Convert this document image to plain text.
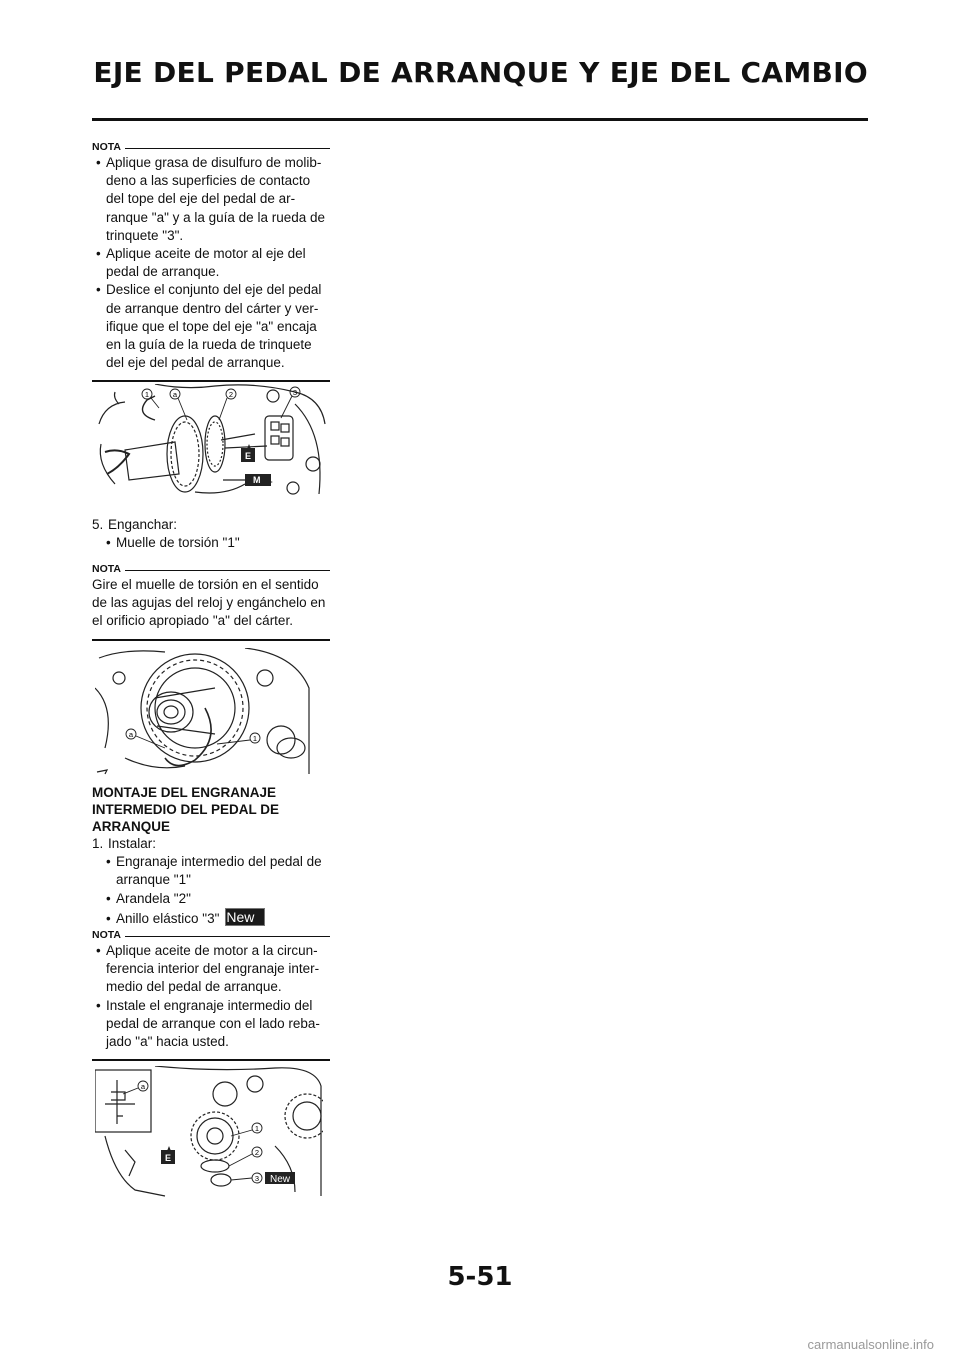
EJE DEL PEDAL DE ARRANQUE Y EJE DEL CAMBIO
NOTA
• Aplique grasa de disulfuro de molib-deno a las superficies de contacto del tope del eje del pedal de ar-ranque "a" y a la guía de la rueda de trinquete "3".
• Aplique aceite de motor al eje del pedal de arranque.
• Deslice el conjunto del eje del pedal de arranque dentro del cárter y ver-ifique que el tope del eje "a" encaja en la guía de la rueda de trinquete del eje del pedal de arranque.
E
M
1	a	2	3
5. Enganchar:
• Muelle de torsión "1"
NOTA
Gire el muelle de torsión en el sentido de las agujas del reloj y engánchelo en el orificio apropiado "a" del cárter.
a	1
MONTAJE DEL ENGRANAJE INTERMEDIO DEL PEDAL DE ARRANQUE
1. Instalar:
• Engranaje intermedio del pedal de arranque "1"
• Arandela "2"
• Anillo elástico "3" New
NOTA
• Aplique aceite de motor a la circun-ferencia interior del engranaje inter-medio del pedal de arranque.
• Instale el engranaje intermedio del pedal de arranque con el lado reba-jado "a" hacia usted.
E
New
a
1
2
3
5-51
carmanualsonline.info
